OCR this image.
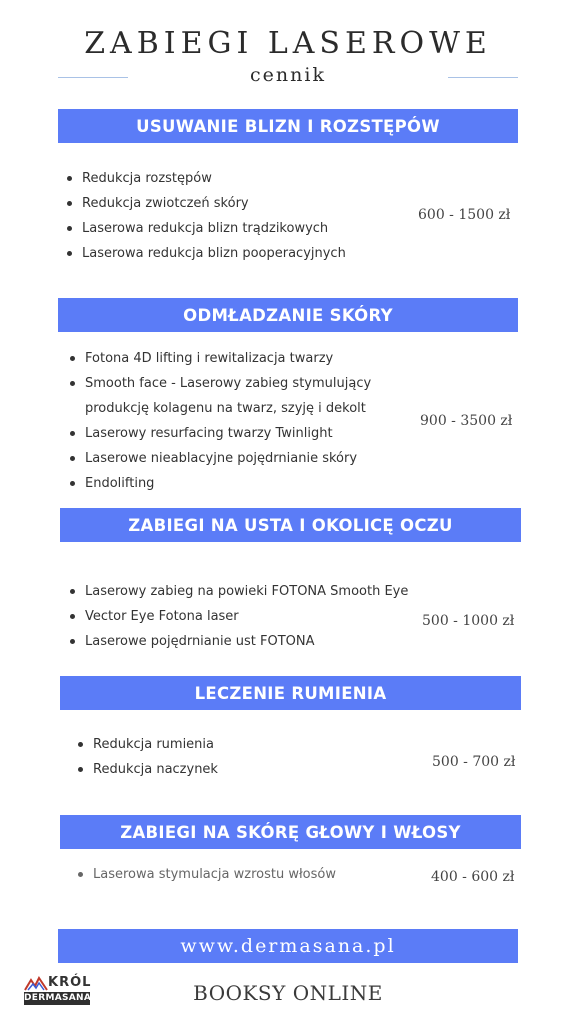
ZABIEGI LASEROWE
cennik
USUWANIE BLIZN I ROZSTĘPÓW
Redukcja rozstępów
Redukcja zwiotczeń skóry
Laserowa redukcja blizn trądzikowych
Laserowa redukcja blizn pooperacyjnych
600 - 1500 zł
ODMŁADZANIE SKÓRY
Fotona 4D lifting i rewitalizacja twarzy
Smooth face - Laserowy zabieg stymulujący
produkcję kolagenu na twarz, szyję i dekolt
Laserowy resurfacing twarzy Twinlight
Laserowe nieablacyjne pojędrnianie skóry
Endolifting
900 - 3500 zł
ZABIEGI NA USTA I OKOLICĘ OCZU
Laserowy zabieg na powieki FOTONA Smooth Eye
Vector Eye Fotona laser
Laserowe pojędrnianie ust FOTONA
500 - 1000 zł
LECZENIE RUMIENIA
Redukcja rumienia
Redukcja naczynek	500 - 700 zł
ZABIEGI NA SKÓRĘ GŁOWY I WŁOSY
Laserowa stymulacja wzrostu włosów	400 - 600 zł
www.dermasana.pl
KRÓL
DERMASANA	BOOKSY ONLINE
